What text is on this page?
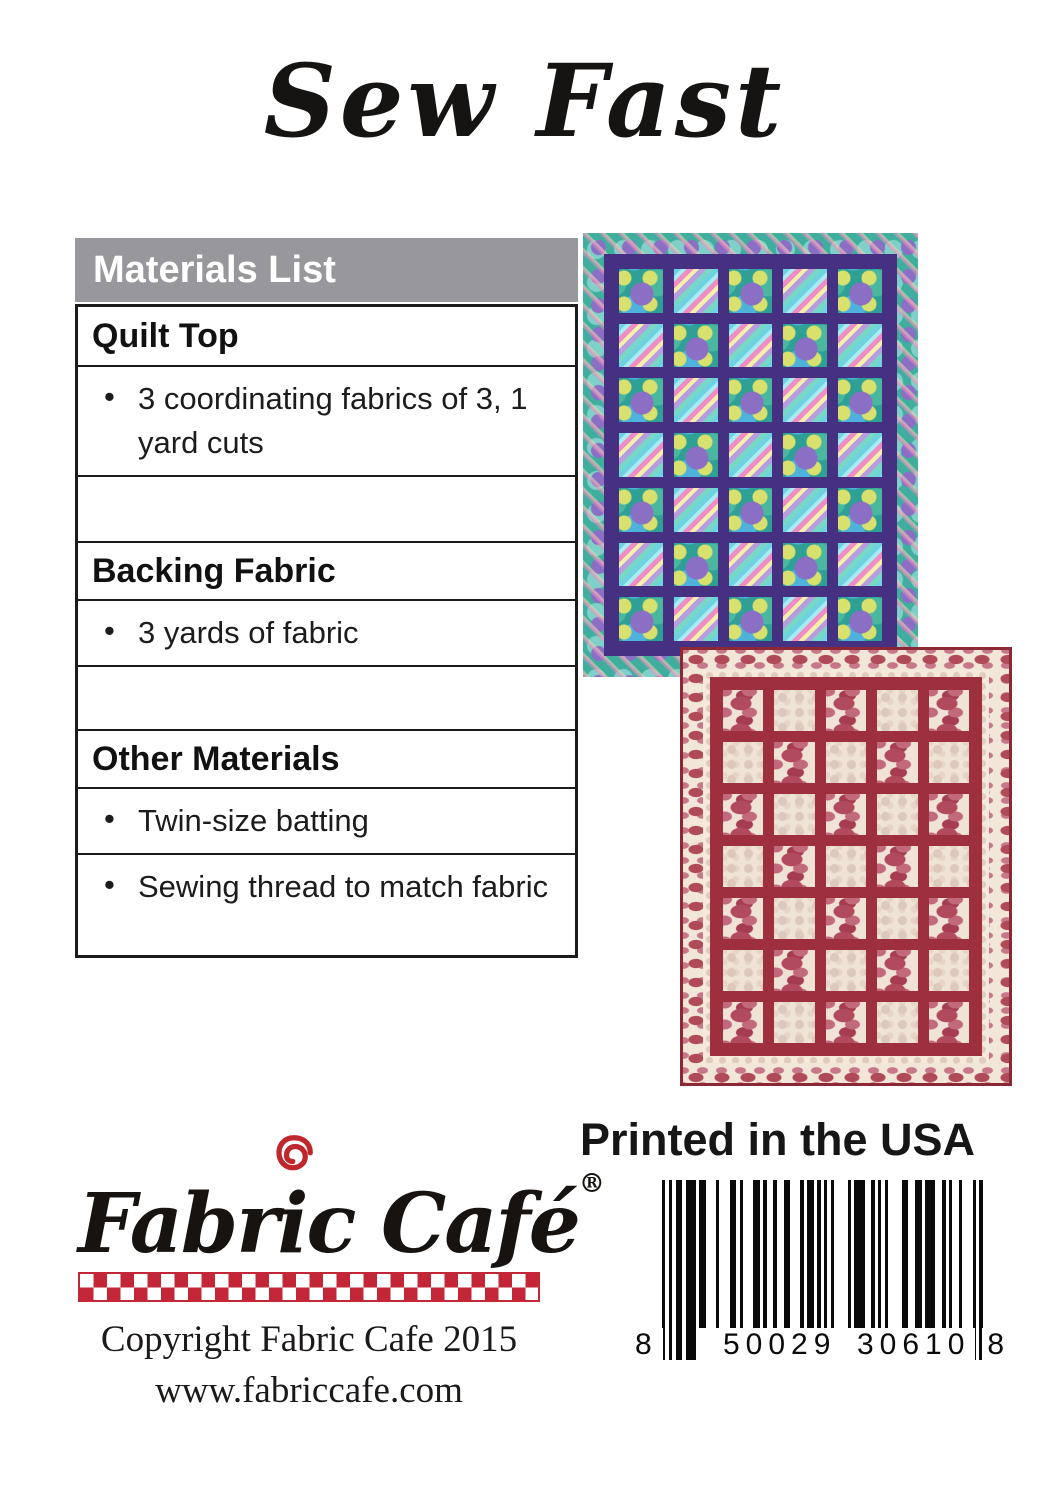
Sew Fast
Materials List
Quilt Top
• 3 coordinating fabrics of 3, 1 yard cuts
Backing Fabric
• 3 yards of fabric
Other Materials
• Twin-size batting
• Sewing thread to match fabric
Printed in the USA
8 50029 30610 8
Fabric Café®
Copyright Fabric Cafe 2015
www.fabriccafe.com
